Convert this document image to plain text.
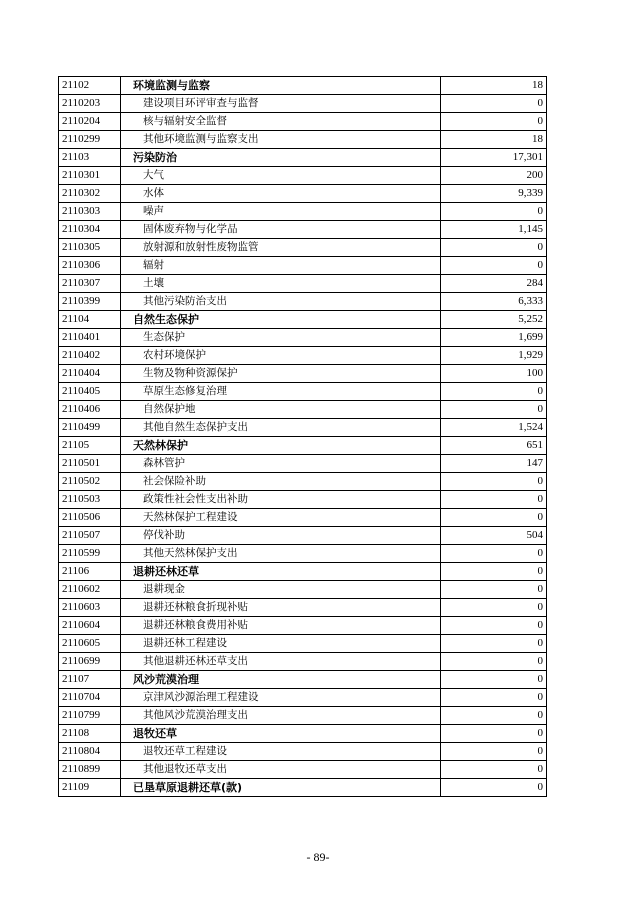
21102	环境监测与监察	18
2110203	建设项目环评审查与监督	0
2110204	核与辐射安全监督	0
2110299	其他环境监测与监察支出	18
21103	污染防治	17,301
2110301	大气	200
2110302	水体	9,339
2110303	噪声	0
2110304	固体废弃物与化学品	1,145
2110305	放射源和放射性废物监管	0
2110306	辐射	0
2110307	土壤	284
2110399	其他污染防治支出	6,333
21104	自然生态保护	5,252
2110401	生态保护	1,699
2110402	农村环境保护	1,929
2110404	生物及物种资源保护	100
2110405	草原生态修复治理	0
2110406	自然保护地	0
2110499	其他自然生态保护支出	1,524
21105	天然林保护	651
2110501	森林管护	147
2110502	社会保险补助	0
2110503	政策性社会性支出补助	0
2110506	天然林保护工程建设	0
2110507	停伐补助	504
2110599	其他天然林保护支出	0
21106	退耕还林还草	0
2110602	退耕现金	0
2110603	退耕还林粮食折现补贴	0
2110604	退耕还林粮食费用补贴	0
2110605	退耕还林工程建设	0
2110699	其他退耕还林还草支出	0
21107	风沙荒漠治理	0
2110704	京津风沙源治理工程建设	0
2110799	其他风沙荒漠治理支出	0
21108	退牧还草	0
2110804	退牧还草工程建设	0
2110899	其他退牧还草支出	0
21109	已垦草原退耕还草(款)	0
- 89-
